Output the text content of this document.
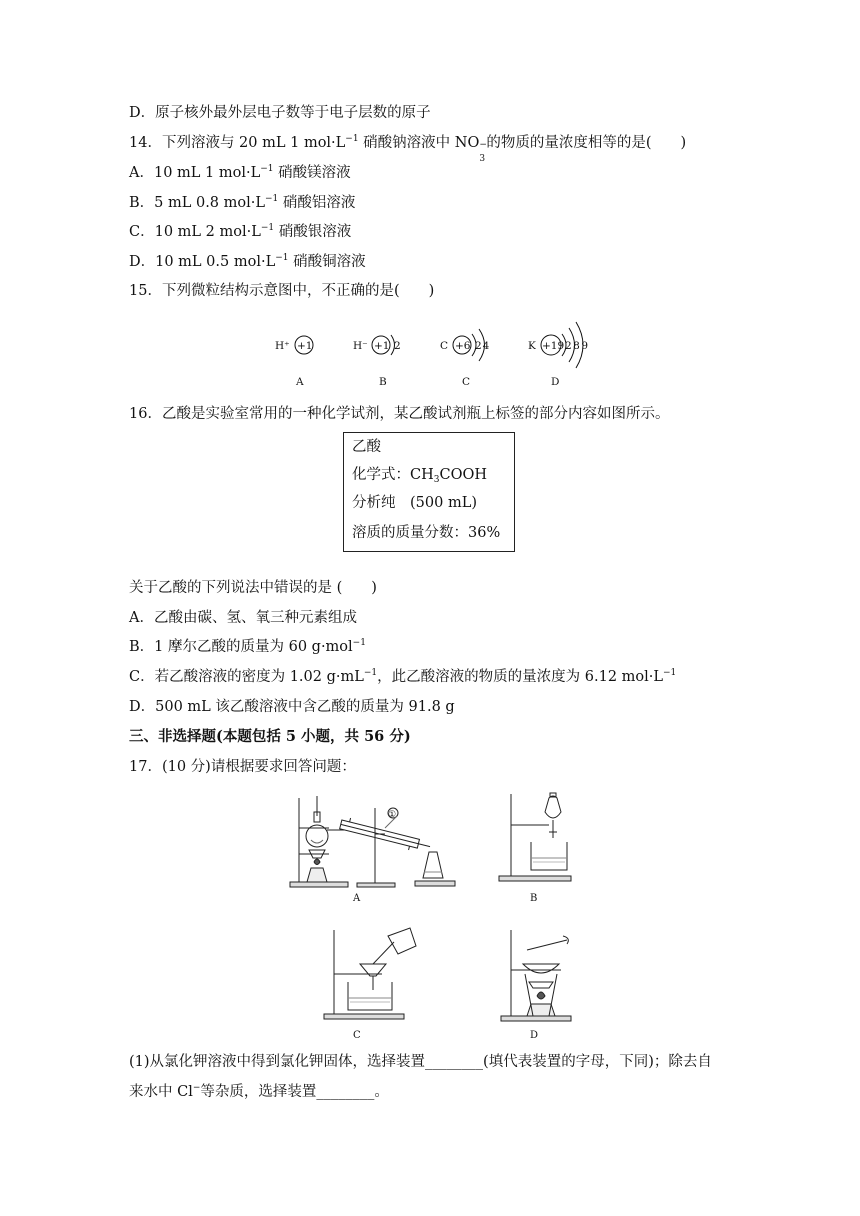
D．原子核外最外层电子数等于电子层数的原子
14．下列溶液与 20 mL 1 $mol\cdot L^{-1}$ 硝酸钠溶液中 NO −
3
的物质的量浓度相等的是(　　)
A．10 mL 1 $mol\cdot L^{-1}$ 硝酸镁溶液
B．5 mL 0.8 $mol\cdot L^{-1}$ 硝酸铝溶液
C．10 mL 2 $mol\cdot L^{-1}$ 硝酸银溶液
D．10 mL 0.5 $mol\cdot L^{-1}$ 硝酸铜溶液
15．下列微粒结构示意图中，不正确的是(　　)
H⁺ +1
A
H⁻ +1 2
B
C +6 24
C
K +19 289
D
16．乙酸是实验室常用的一种化学试剂，某乙酸试剂瓶上标签的部分内容如图所示。
乙酸
化学式：$CH_3COOH$
分析纯　(500 mL)
溶质的质量分数：36%
关于乙酸的下列说法中错误的是 (　　)
A．乙酸由碳、氢、氧三种元素组成
B．1 摩尔乙酸的质量为 60 g·mol$^{-1}$
C．若乙酸溶液的密度为 1.02 $g\cdot mL^{-1}$，此乙酸溶液的物质的量浓度为 6.12 $mol\cdot L^{-1}$
D．500 mL 该乙酸溶液中含乙酸的质量为 91.8 g
三、非选择题(本题包括 5 小题，共 56 分)
17．(10 分)请根据要求回答问题：
①
A	B
C	D
(1)从氯化钾溶液中得到氯化钾固体，选择装置________(填代表装置的字母，下同)；除去自
来水中 Cl−等杂质，选择装置________。
